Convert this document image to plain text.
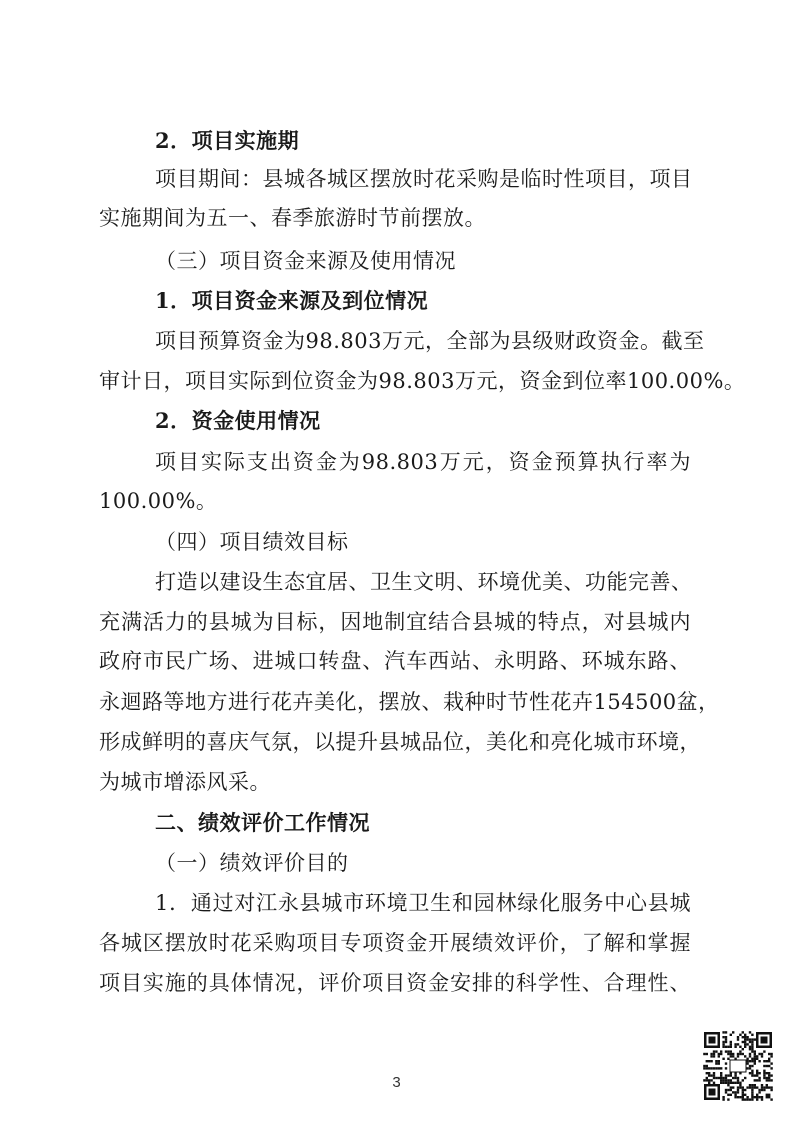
2．项目实施期
项目期间：县城各城区摆放时花采购是临时性项目，项目
实施期间为五一、春季旅游时节前摆放。
（三）项目资金来源及使用情况
1．项目资金来源及到位情况
项目预算资金为98.803万元，全部为县级财政资金。截至
审计日，项目实际到位资金为98.803万元，资金到位率100.00%。
2．资金使用情况
项目实际支出资金为98.803万元，资金预算执行率为
100.00%。
（四）项目绩效目标
打造以建设生态宜居、卫生文明、环境优美、功能完善、
充满活力的县城为目标，因地制宜结合县城的特点，对县城内
政府市民广场、进城口转盘、汽车西站、永明路、环城东路、
永迴路等地方进行花卉美化，摆放、栽种时节性花卉154500盆，
形成鲜明的喜庆气氛，以提升县城品位，美化和亮化城市环境，
为城市增添风采。
二、绩效评价工作情况
（一）绩效评价目的
1．通过对江永县城市环境卫生和园林绿化服务中心县城
各城区摆放时花采购项目专项资金开展绩效评价，了解和掌握
项目实施的具体情况，评价项目资金安排的科学性、合理性、
3
